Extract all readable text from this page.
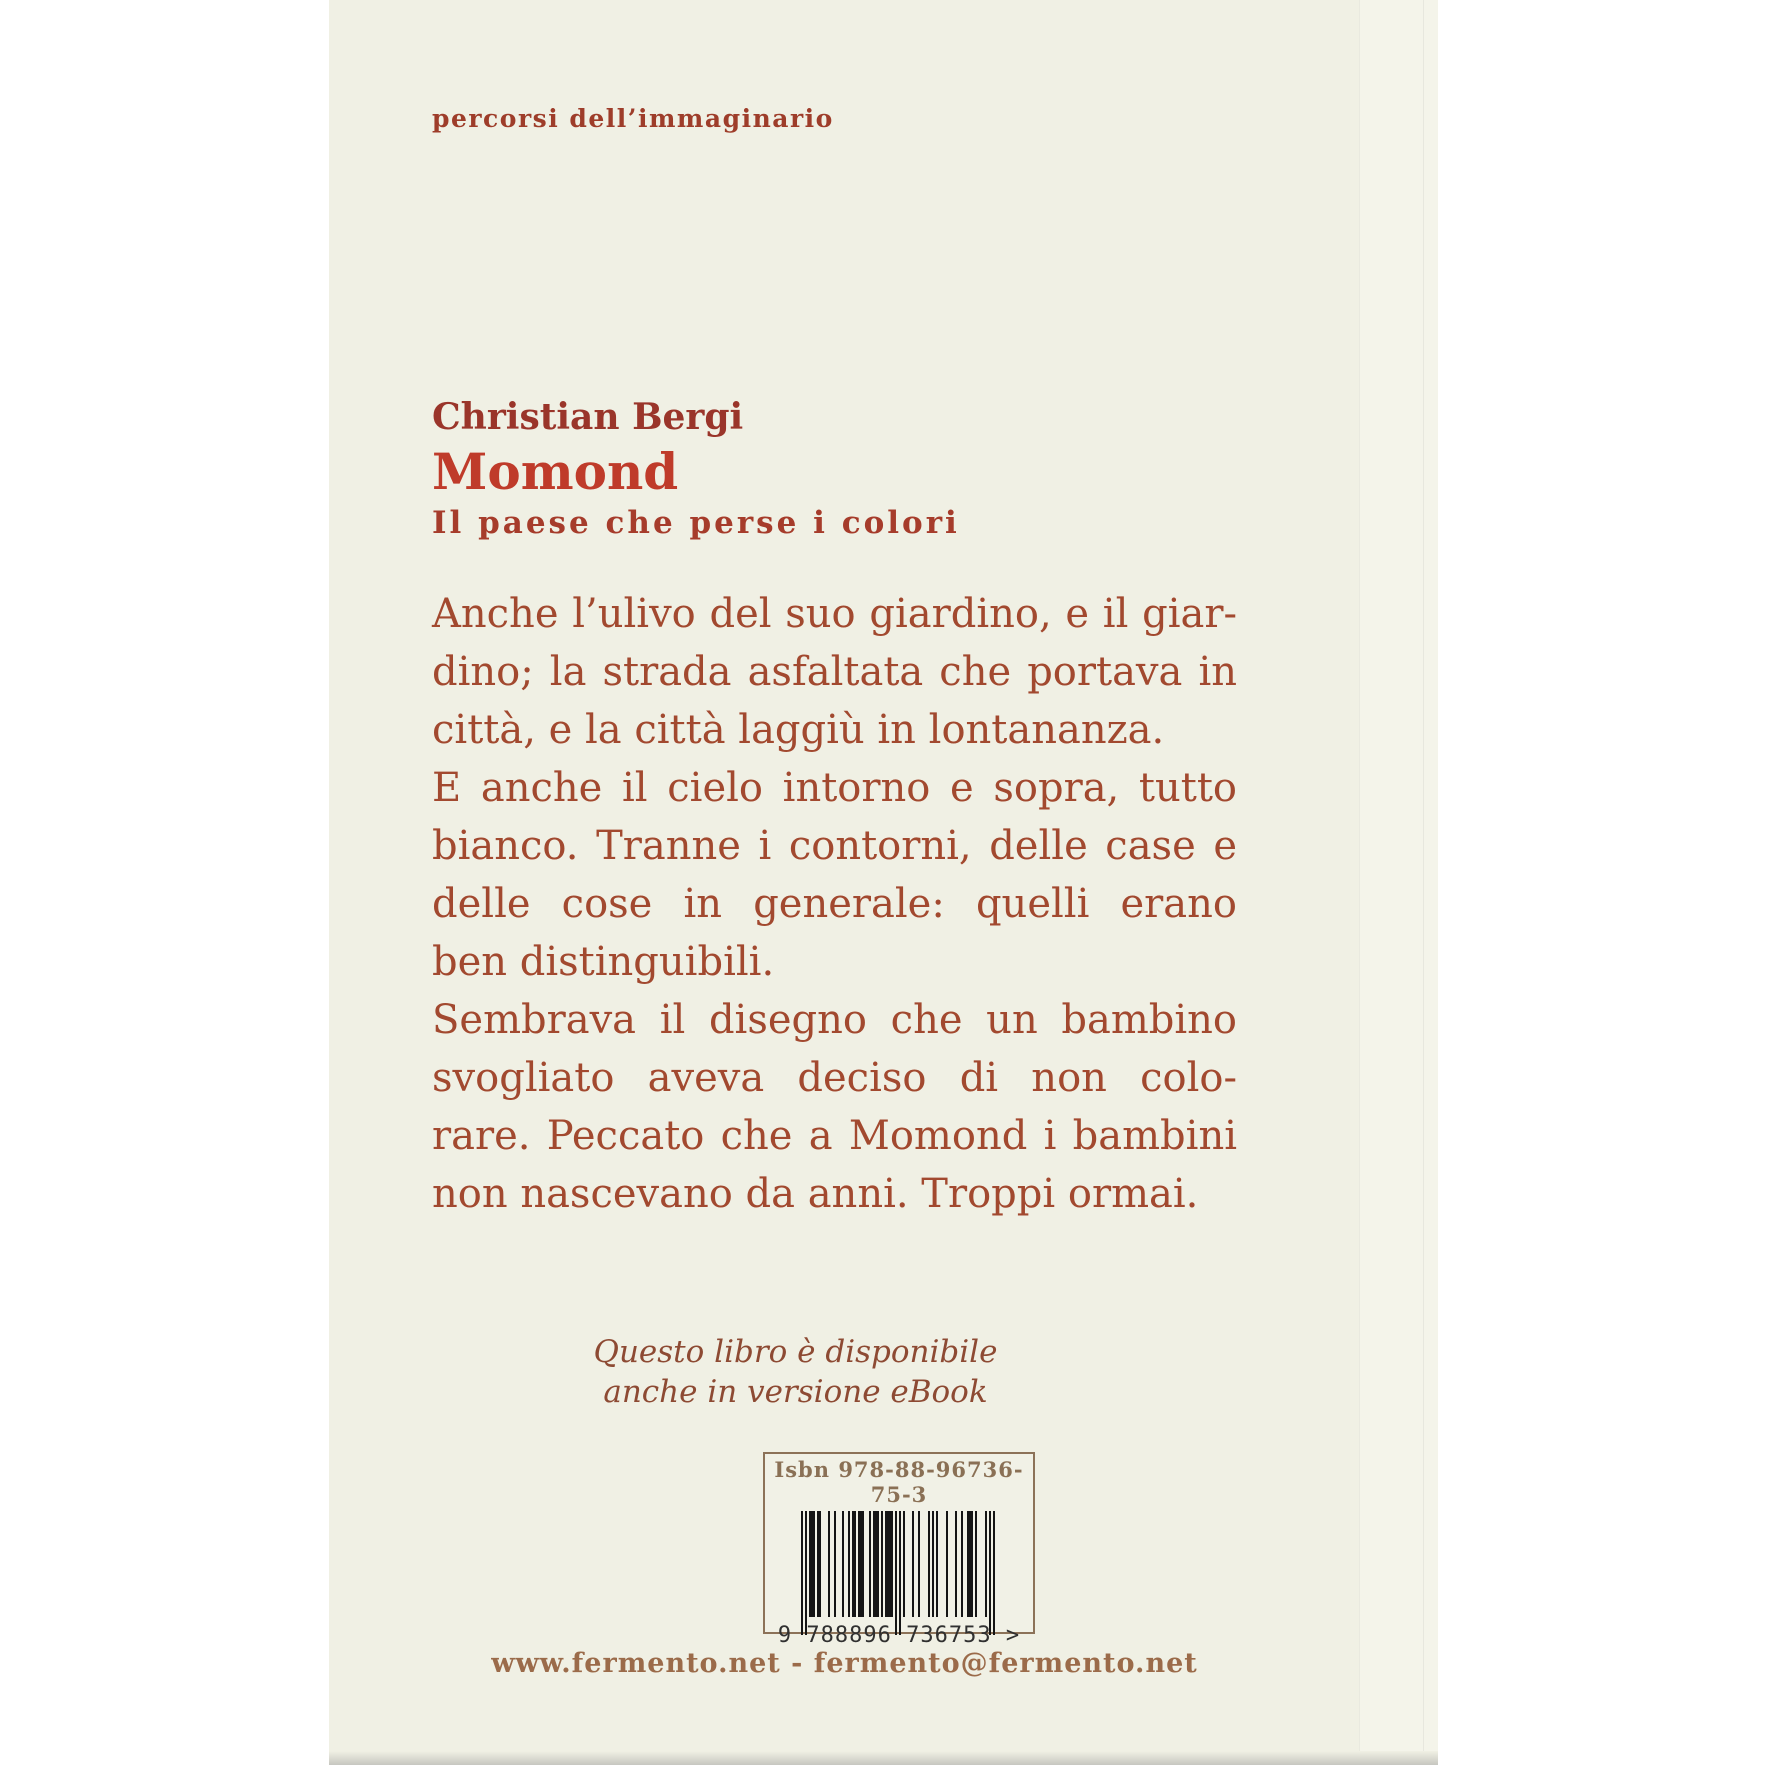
percorsi dell’immaginario
Christian Bergi
Momond
Il paese che perse i colori
Anche l’ulivo del suo giardino, e il giar-
dino; la strada asfaltata che portava in
città, e la città laggiù in lontananza.
E anche il cielo intorno e sopra, tutto
bianco. Tranne i contorni, delle case e
delle cose in generale: quelli erano
ben distinguibili.
Sembrava il disegno che un bambino
svogliato aveva deciso di non colo-
rare. Peccato che a Momond i bambini
non nascevano da anni. Troppi ormai.
Questo libro è disponibile
anche in versione eBook
Isbn 978-88-96736-75-3
9 788896 736753 >
www.fermento.net - fermento@fermento.net
